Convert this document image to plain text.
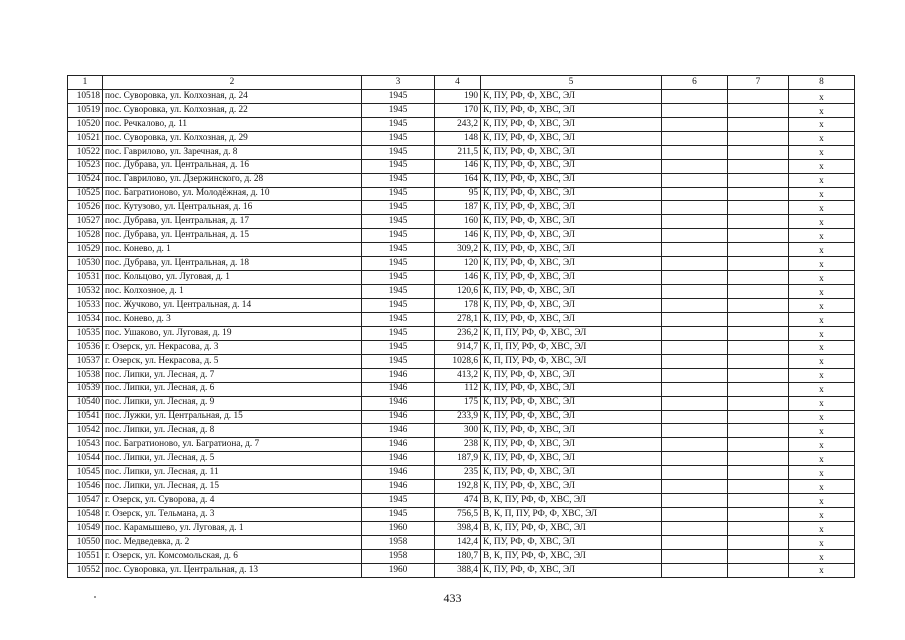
1	2	3	4	5	6	7	8
10518	пос. Суворовка, ул. Колхозная, д. 24	1945	190	К, ПУ, РФ, Ф, ХВС, ЭЛ			х
10519	пос. Суворовка, ул. Колхозная, д. 22	1945	170	К, ПУ, РФ, Ф, ХВС, ЭЛ			х
10520	пос. Речкалово, д. 11	1945	243,2	К, ПУ, РФ, Ф, ХВС, ЭЛ			х
10521	пос. Суворовка, ул. Колхозная, д. 29	1945	148	К, ПУ, РФ, Ф, ХВС, ЭЛ			х
10522	пос. Гаврилово, ул. Заречная, д. 8	1945	211,5	К, ПУ, РФ, Ф, ХВС, ЭЛ			х
10523	пос. Дубрава, ул. Центральная, д. 16	1945	146	К, ПУ, РФ, Ф, ХВС, ЭЛ			х
10524	пос. Гаврилово, ул. Дзержинского, д. 28	1945	164	К, ПУ, РФ, Ф, ХВС, ЭЛ			х
10525	пос. Багратионово, ул. Молодёжная, д. 10	1945	95	К, ПУ, РФ, Ф, ХВС, ЭЛ			х
10526	пос. Кутузово, ул. Центральная, д. 16	1945	187	К, ПУ, РФ, Ф, ХВС, ЭЛ			х
10527	пос. Дубрава, ул. Центральная, д. 17	1945	160	К, ПУ, РФ, Ф, ХВС, ЭЛ			х
10528	пос. Дубрава, ул. Центральная, д. 15	1945	146	К, ПУ, РФ, Ф, ХВС, ЭЛ			х
10529	пос. Конево, д. 1	1945	309,2	К, ПУ, РФ, Ф, ХВС, ЭЛ			х
10530	пос. Дубрава, ул. Центральная, д. 18	1945	120	К, ПУ, РФ, Ф, ХВС, ЭЛ			х
10531	пос. Кольцово, ул. Луговая, д. 1	1945	146	К, ПУ, РФ, Ф, ХВС, ЭЛ			х
10532	пос. Колхозное, д. 1	1945	120,6	К, ПУ, РФ, Ф, ХВС, ЭЛ			х
10533	пос. Жучково, ул. Центральная, д. 14	1945	178	К, ПУ, РФ, Ф, ХВС, ЭЛ			х
10534	пос. Конево, д. 3	1945	278,1	К, ПУ, РФ, Ф, ХВС, ЭЛ			х
10535	пос. Ушаково, ул. Луговая, д. 19	1945	236,2	К, П, ПУ, РФ, Ф, ХВС, ЭЛ			х
10536	г. Озерск, ул. Некрасова, д. 3	1945	914,7	К, П, ПУ, РФ, Ф, ХВС, ЭЛ			х
10537	г. Озерск, ул. Некрасова, д. 5	1945	1028,6	К, П, ПУ, РФ, Ф, ХВС, ЭЛ			х
10538	пос. Липки, ул. Лесная, д. 7	1946	413,2	К, ПУ, РФ, Ф, ХВС, ЭЛ			х
10539	пос. Липки, ул. Лесная, д. 6	1946	112	К, ПУ, РФ, Ф, ХВС, ЭЛ			х
10540	пос. Липки, ул. Лесная, д. 9	1946	175	К, ПУ, РФ, Ф, ХВС, ЭЛ			х
10541	пос. Лужки, ул. Центральная, д. 15	1946	233,9	К, ПУ, РФ, Ф, ХВС, ЭЛ			х
10542	пос. Липки, ул. Лесная, д. 8	1946	300	К, ПУ, РФ, Ф, ХВС, ЭЛ			х
10543	пос. Багратионово, ул. Багратиона, д. 7	1946	238	К, ПУ, РФ, Ф, ХВС, ЭЛ			х
10544	пос. Липки, ул. Лесная, д. 5	1946	187,9	К, ПУ, РФ, Ф, ХВС, ЭЛ			х
10545	пос. Липки, ул. Лесная, д. 11	1946	235	К, ПУ, РФ, Ф, ХВС, ЭЛ			х
10546	пос. Липки, ул. Лесная, д. 15	1946	192,8	К, ПУ, РФ, Ф, ХВС, ЭЛ			х
10547	г. Озерск, ул. Суворова, д. 4	1945	474	В, К, ПУ, РФ, Ф, ХВС, ЭЛ			х
10548	г. Озерск, ул. Тельмана, д. 3	1945	756,5	В, К, П, ПУ, РФ, Ф, ХВС, ЭЛ			х
10549	пос. Карамышево, ул. Луговая, д. 1	1960	398,4	В, К, ПУ, РФ, Ф, ХВС, ЭЛ			х
10550	пос. Медведевка, д. 2	1958	142,4	К, ПУ, РФ, Ф, ХВС, ЭЛ			х
10551	г. Озерск, ул. Комсомольская, д. 6	1958	180,7	В, К, ПУ, РФ, Ф, ХВС, ЭЛ			х
10552	пос. Суворовка, ул. Центральная, д. 13	1960	388,4	К, ПУ, РФ, Ф, ХВС, ЭЛ			х
433
